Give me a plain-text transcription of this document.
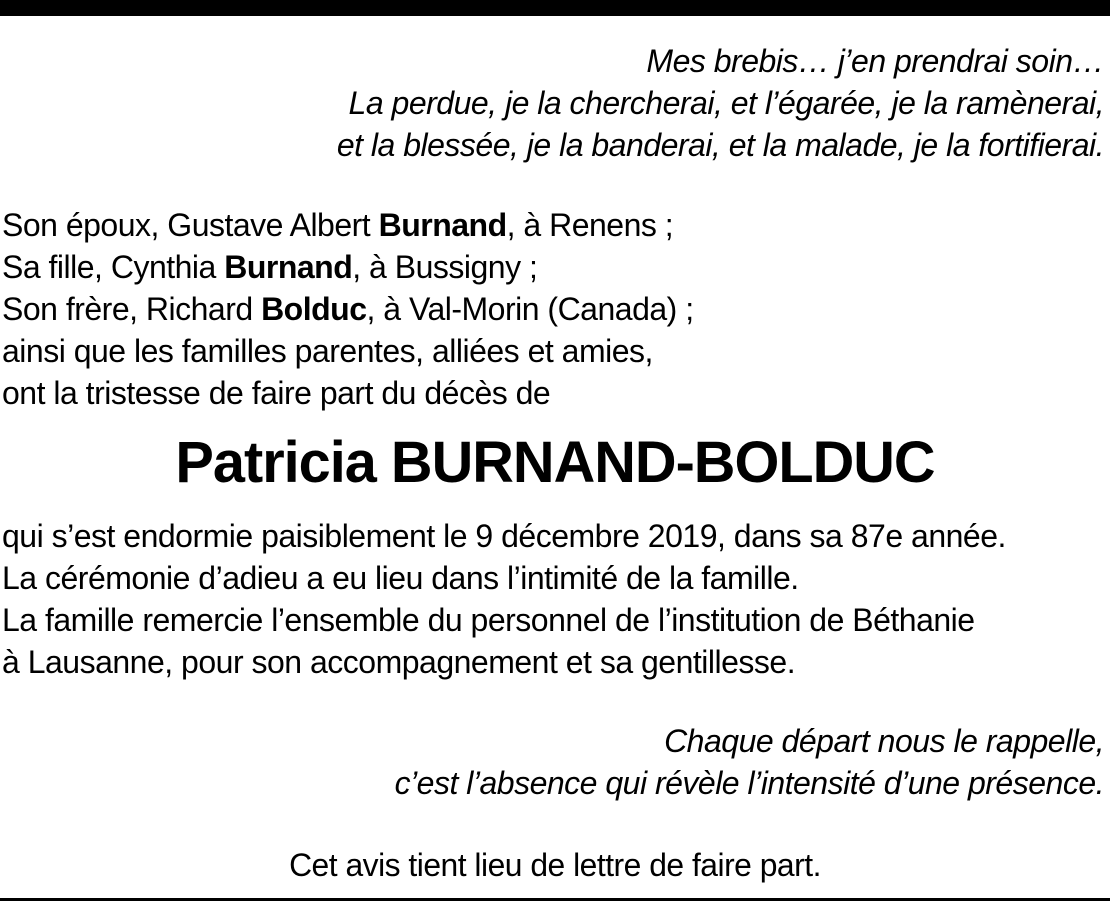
Mes brebis… j’en prendrai soin…
La perdue, je la chercherai, et l’égarée, je la ramènerai,
et la blessée, je la banderai, et la malade, je la fortifierai.
Son époux, Gustave Albert Burnand, à Renens ;
Sa fille, Cynthia Burnand, à Bussigny ;
Son frère, Richard Bolduc, à Val-Morin (Canada) ;
ainsi que les familles parentes, alliées et amies,
ont la tristesse de faire part du décès de
Patricia BURNAND-BOLDUC
qui s’est endormie paisiblement le 9 décembre 2019, dans sa 87e année.
La cérémonie d’adieu a eu lieu dans l’intimité de la famille.
La famille remercie l’ensemble du personnel de l’institution de Béthanie
à Lausanne, pour son accompagnement et sa gentillesse.
Chaque départ nous le rappelle,
c’est l’absence qui révèle l’intensité d’une présence.
Cet avis tient lieu de lettre de faire part.
